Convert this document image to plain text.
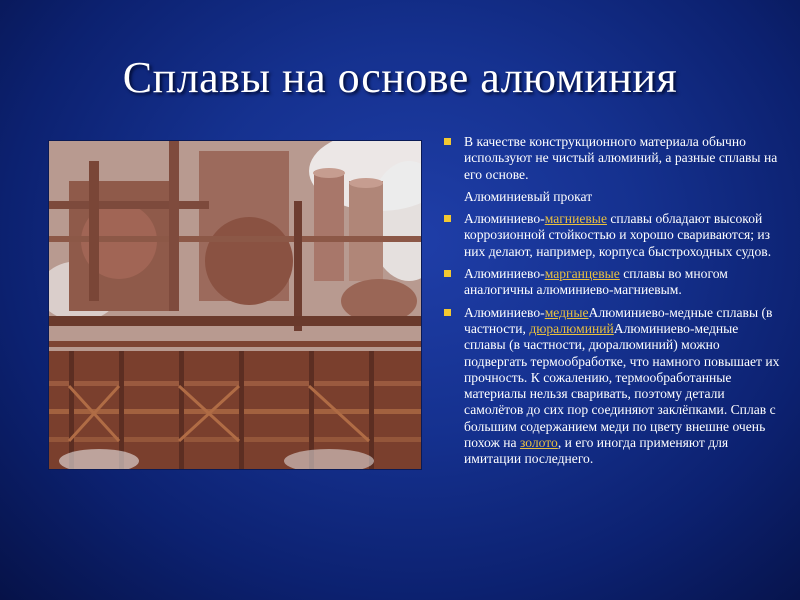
Сплавы на основе алюминия
В качестве конструкционного материала обычно используют не чистый алюминий, а разные сплавы на его основе.
Алюминиевый прокат
Алюминиево-магниевые сплавы обладают высокой коррозионной стойкостью и хорошо свариваются; из них делают, например, корпуса быстроходных судов.
Алюминиево-марганцевые сплавы во многом аналогичны алюминиево-магниевым.
Алюминиево-медныеАлюминиево-медные сплавы (в частности, дюралюминийАлюминиево-медные сплавы (в частности, дюралюминий) можно подвергать термообработке, что намного повышает их прочность. К сожалению, термообработанные материалы нельзя сваривать, поэтому детали самолётов до сих пор соединяют заклёпками. Сплав с большим содержанием меди по цвету внешне очень похож на золото, и его иногда применяют для имитации последнего.
